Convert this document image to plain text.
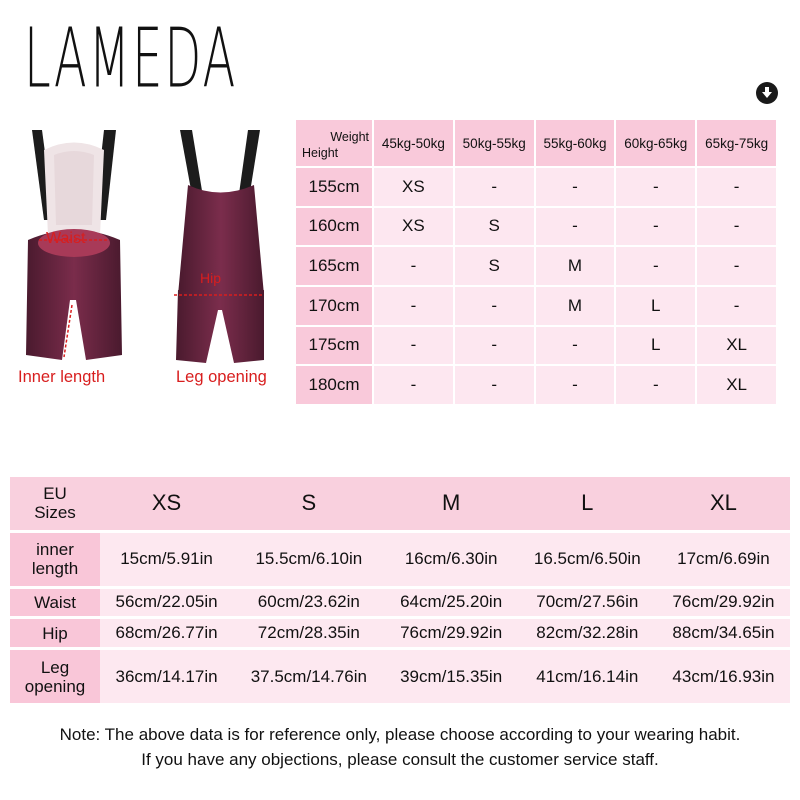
LAMEDA
Waist
Inner length
Hip
Leg opening
Weight
Height	45kg-50kg	50kg-55kg	55kg-60kg	60kg-65kg	65kg-75kg
155cm	XS	-	-	-	-
160cm	XS	S	-	-	-
165cm	-	S	M	-	-
170cm	-	-	M	L	-
175cm	-	-	-	L	XL
180cm	-	-	-	-	XL
EU
Sizes	XS	S	M	L	XL

inner
length	15cm/5.91in	15.5cm/6.10in	16cm/6.30in	16.5cm/6.50in	17cm/6.69in

Waist	56cm/22.05in	60cm/23.62in	64cm/25.20in	70cm/27.56in	76cm/29.92in

Hip	68cm/26.77in	72cm/28.35in	76cm/29.92in	82cm/32.28in	88cm/34.65in

Leg
opening	36cm/14.17in	37.5cm/14.76in	39cm/15.35in	41cm/16.14in	43cm/16.93in
Note: The above data is for reference only, please choose according to your wearing habit.
If you have any objections, please consult the customer service staff.
